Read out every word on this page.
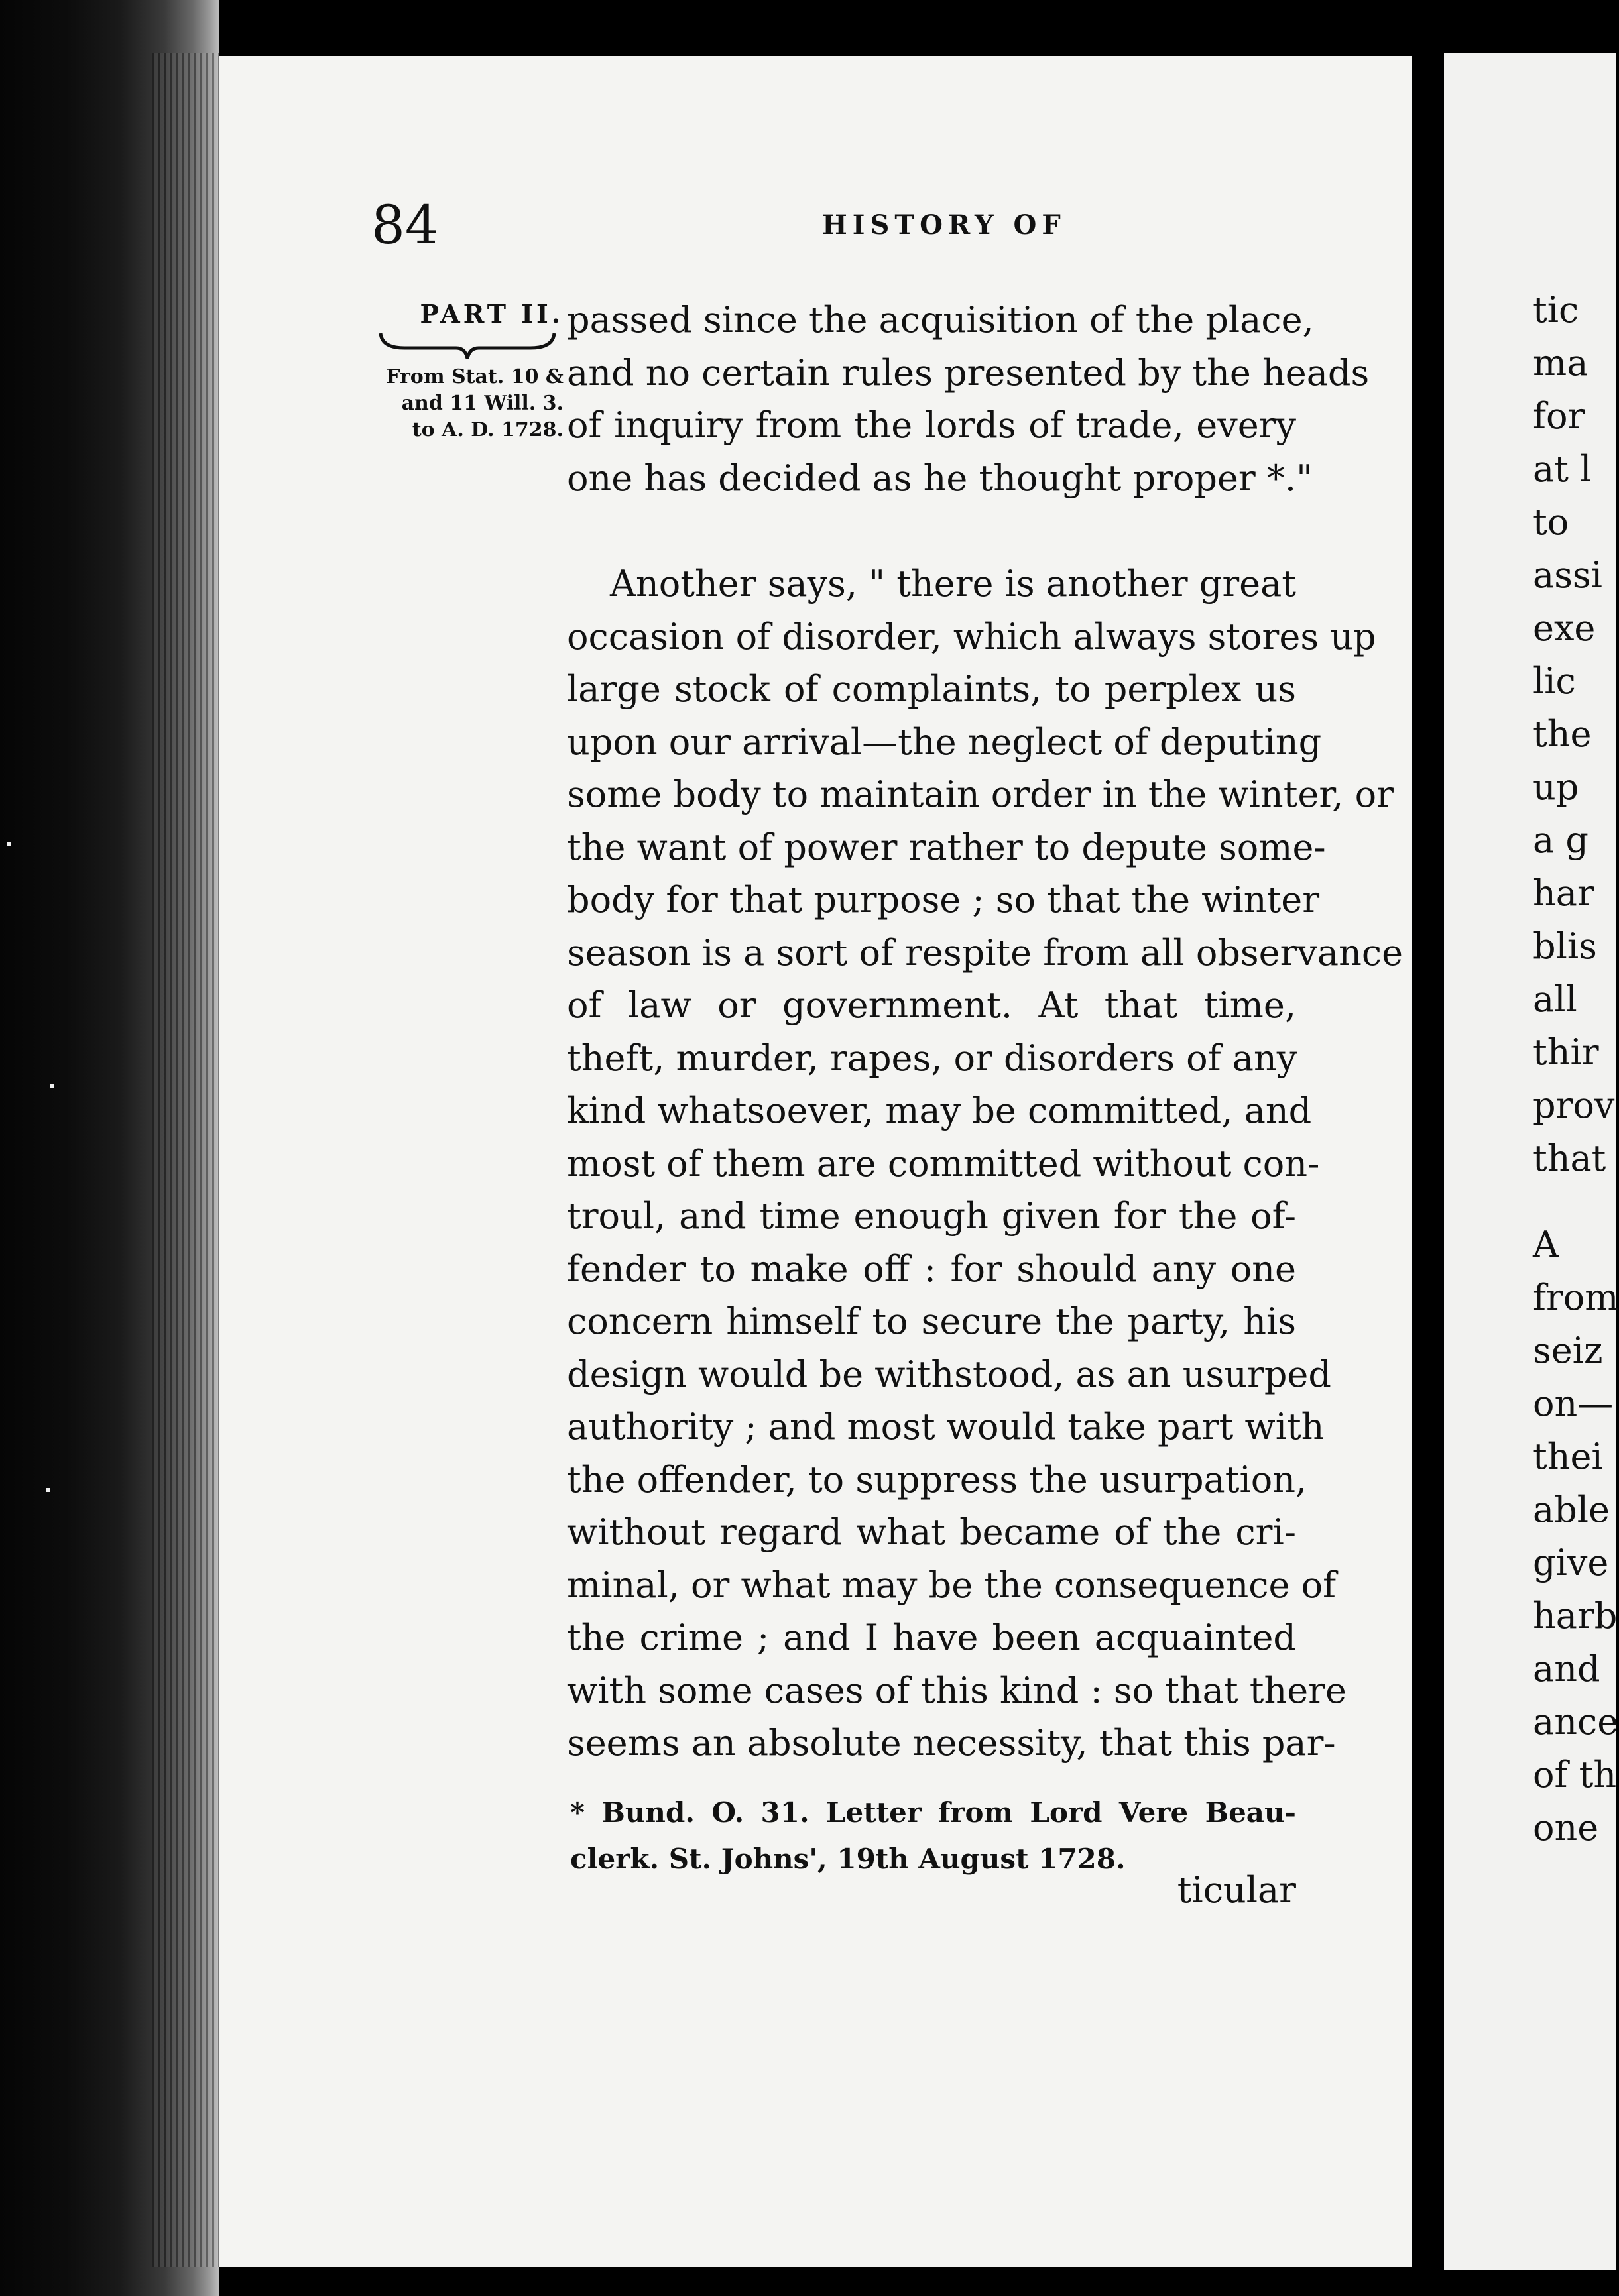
84	HISTORY OF
PART II.
From Stat. 10 &
and 11 Will. 3.
to A. D. 1728.
passed since the acquisition of the place,
and no certain rules presented by the heads
of inquiry from the lords of trade, every
one has decided as he thought proper *."
Another says, " there is another great
occasion of disorder, which always stores up
large stock of complaints, to perplex us
upon our arrival—the neglect of deputing
some body to maintain order in the winter, or
the want of power rather to depute some-
body for that purpose ; so that the winter
season is a sort of respite from all observance
of law or government. At that time,
theft, murder, rapes, or disorders of any
kind whatsoever, may be committed, and
most of them are committed without con-
troul, and time enough given for the of-
fender to make off : for should any one
concern himself to secure the party, his
design would be withstood, as an usurped
authority ; and most would take part with
the offender, to suppress the usurpation,
without regard what became of the cri-
minal, or what may be the consequence of
the crime ; and I have been acquainted
with some cases of this kind : so that there
seems an absolute necessity, that this par-
* Bund. O. 31. Letter from Lord Vere Beau-
clerk. St. Johns', 19th August 1728.
ticular
tic
ma
for
at l
to
assi
exe
lic
the
up
a g
har
blis
all
thir
prov
that
A
from
seiz
on—
thei
able
give
harb
and
ance
of th
one
